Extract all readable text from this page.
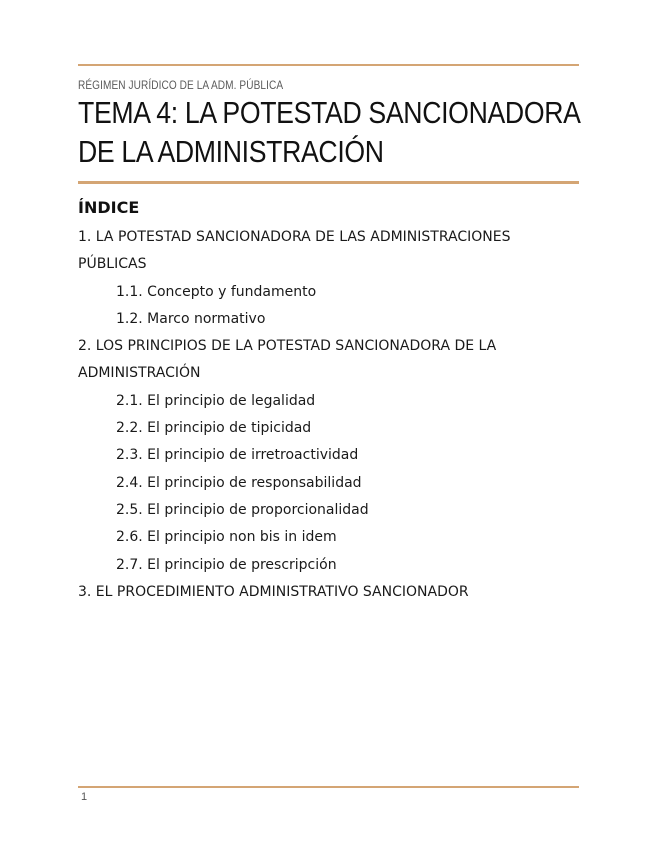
RÉGIMEN JURÍDICO DE LA ADM. PÚBLICA
TEMA 4: LA POTESTAD SANCIONADORA DE LA ADMINISTRACIÓN
ÍNDICE
1. LA POTESTAD SANCIONADORA DE LAS ADMINISTRACIONES PÚBLICAS
1.1. Concepto y fundamento
1.2. Marco normativo
2. LOS PRINCIPIOS DE LA POTESTAD SANCIONADORA DE LA ADMINISTRACIÓN
2.1. El principio de legalidad
2.2. El principio de tipicidad
2.3. El principio de irretroactividad
2.4. El principio de responsabilidad
2.5. El principio de proporcionalidad
2.6. El principio non bis in idem
2.7. El principio de prescripción
3. EL PROCEDIMIENTO ADMINISTRATIVO SANCIONADOR
1
